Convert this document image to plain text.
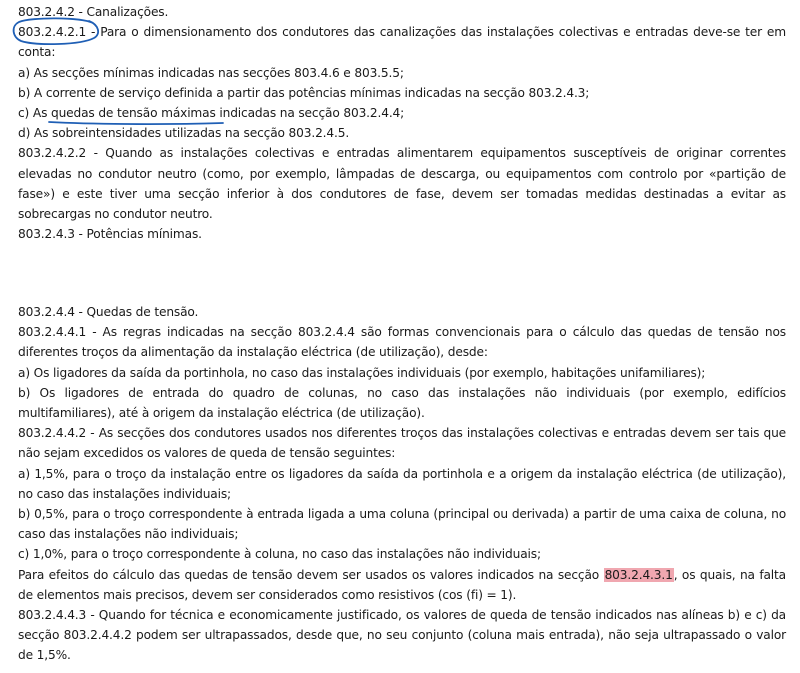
803.2.4.2 - Canalizações.
803.2.4.2.1
- Para o dimensionamento dos condutores das canalizações das instalações colectivas e entradas deve-se ter em conta:
a) As secções mínimas indicadas nas secções 803.4.6 e 803.5.5;
b) A corrente de serviço definida a partir das potências mínimas indicadas na secção 803.2.4.3;
c) As quedas de tensão máximas
indicadas na secção 803.2.4.4;
d) As sobreintensidades utilizadas na secção 803.2.4.5.
803.2.4.2.2 - Quando as instalações colectivas e entradas alimentarem equipamentos susceptíveis de originar correntes elevadas no condutor neutro (como, por exemplo, lâmpadas de descarga, ou equipamentos com controlo por «partição de fase») e este tiver uma secção inferior à dos condutores de fase, devem ser tomadas medidas destinadas a evitar as sobrecargas no condutor neutro.
803.2.4.3 - Potências mínimas.
803.2.4.4 - Quedas de tensão.
803.2.4.4.1 - As regras indicadas na secção 803.2.4.4 são formas convencionais para o cálculo das quedas de tensão nos diferentes troços da alimentação da instalação eléctrica (de utilização), desde:
a) Os ligadores da saída da portinhola, no caso das instalações individuais (por exemplo, habitações unifamiliares);
b) Os ligadores de entrada do quadro de colunas, no caso das instalações não individuais (por exemplo, edifícios multifamiliares), até à origem da instalação eléctrica (de utilização).
803.2.4.4.2 - As secções dos condutores usados nos diferentes troços das instalações colectivas e entradas devem ser tais que não sejam excedidos os valores de queda de tensão seguintes:
a) 1,5%, para o troço da instalação entre os ligadores da saída da portinhola e a origem da instalação eléctrica (de utilização), no caso das instalações individuais;
b) 0,5%, para o troço correspondente à entrada ligada a uma coluna (principal ou derivada) a partir de uma caixa de coluna, no caso das instalações não individuais;
c) 1,0%, para o troço correspondente à coluna, no caso das instalações não individuais;
Para efeitos do cálculo das quedas de tensão devem ser usados os valores indicados na secção 803.2.4.3.1, os quais, na falta de elementos mais precisos, devem ser considerados como resistivos (cos (fi) = 1).
803.2.4.4.3 - Quando for técnica e economicamente justificado, os valores de queda de tensão indicados nas alíneas b) e c) da secção 803.2.4.4.2 podem ser ultrapassados, desde que, no seu conjunto (coluna mais entrada), não seja ultrapassado o valor de 1,5%.
